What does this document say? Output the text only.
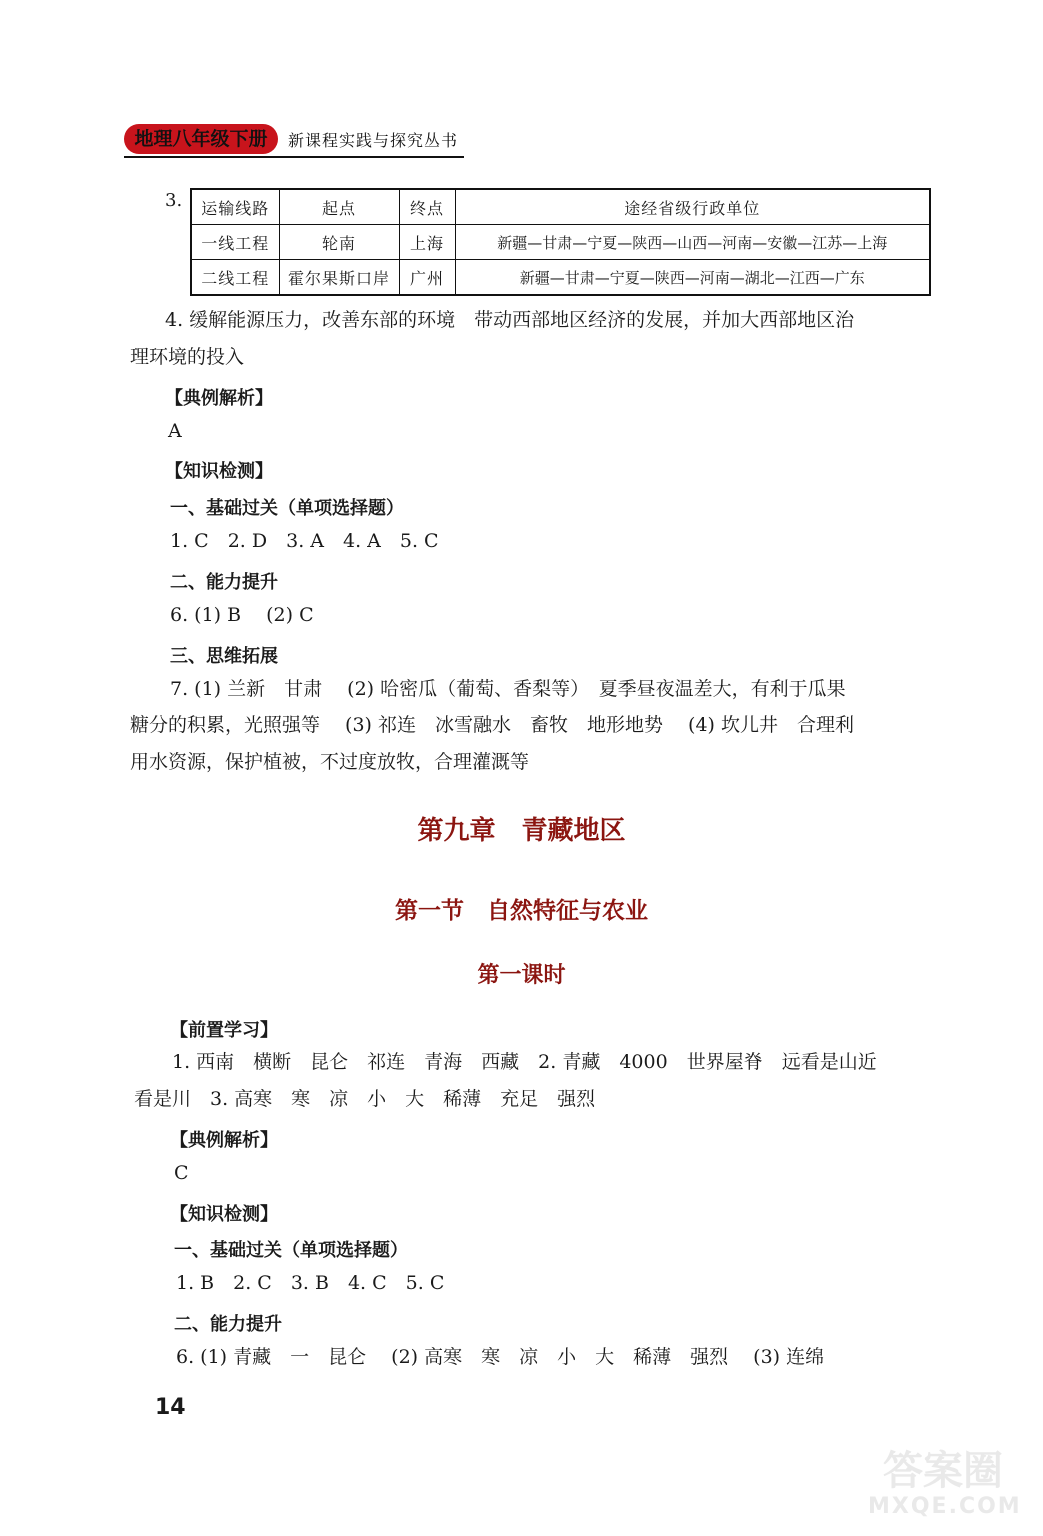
地理八年级下册	新课程实践与探究丛书
3. 运输线路	起点	终点	途经省级行政单位
一线工程	轮南	上海	新疆—甘肃—宁夏—陕西—山西—河南—安徽—江苏—上海
二线工程	霍尔果斯口岸	广州	新疆—甘肃—宁夏—陕西—河南—湖北—江西—广东
4. 缓解能源压力，改善东部的环境　带动西部地区经济的发展，并加大西部地区治
理环境的投入
【典例解析】
A
【知识检测】
一、基础过关（单项选择题）
1. C　2. D　3. A　4. A　5. C
二、能力提升
6. (1) B　 (2) C
三、思维拓展
7. (1) 兰新　甘肃　 (2) 哈密瓜（葡萄、香梨等）　夏季昼夜温差大，有利于瓜果
糖分的积累，光照强等　 (3) 祁连　冰雪融水　畜牧　地形地势　 (4) 坎儿井　合理利
用水资源，保护植被，不过度放牧，合理灌溉等
第九章　青藏地区
第一节　自然特征与农业
第一课时
【前置学习】
1. 西南　横断　昆仑　祁连　青海　西藏　2. 青藏　4000　世界屋脊　远看是山近
看是川　3. 高寒　寒　凉　小　大　稀薄　充足　强烈
【典例解析】
C
【知识检测】
一、基础过关（单项选择题）
1. B　2. C　3. B　4. C　5. C
二、能力提升
6. (1) 青藏　一　昆仑　 (2) 高寒　寒　凉　小　大　稀薄　强烈　 (3) 连绵
14
答案圈
MXQE.COM
